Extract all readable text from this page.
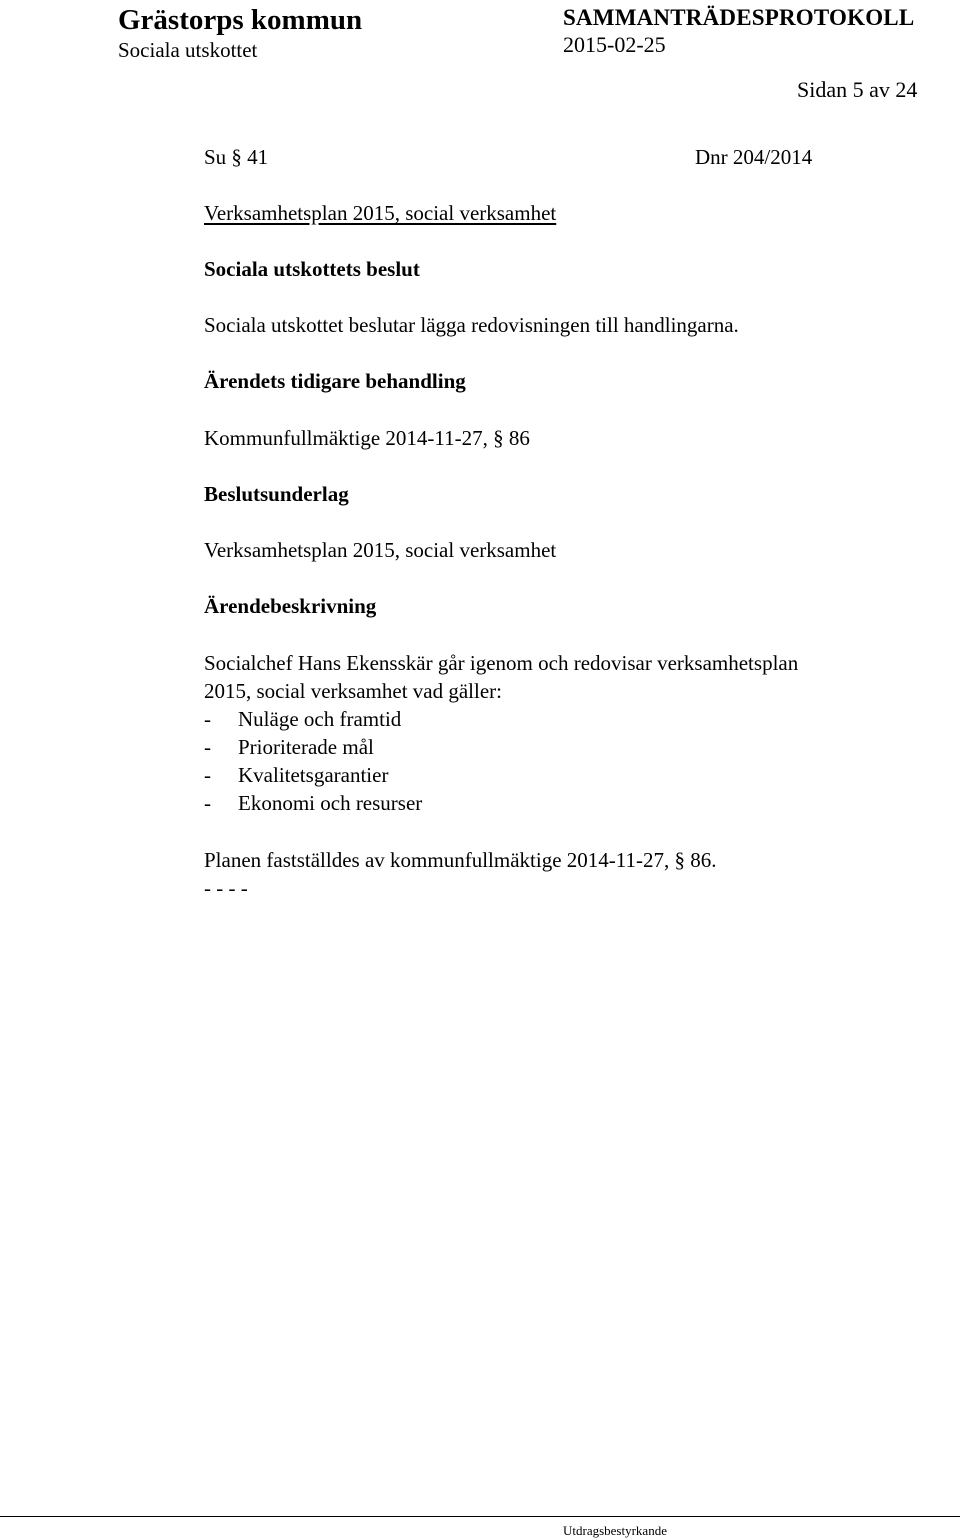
Grästorps kommun
Sociala utskottet
SAMMANTRÄDESPROTOKOLL
2015-02-25
Sidan 5 av 24
Su § 41	Dnr 204/2014
Verksamhetsplan 2015, social verksamhet
Sociala utskottets beslut
Sociala utskottet beslutar lägga redovisningen till handlingarna.
Ärendets tidigare behandling
Kommunfullmäktige 2014-11-27, § 86
Beslutsunderlag
Verksamhetsplan 2015, social verksamhet
Ärendebeskrivning
Socialchef Hans Ekensskär går igenom och redovisar verksamhetsplan
2015, social verksamhet vad gäller:
- Nuläge och framtid
- Prioriterade mål
- Kvalitetsgarantier
- Ekonomi och resurser
Planen fastställdes av kommunfullmäktige 2014-11-27, § 86.
- - - -
Utdragsbestyrkande
